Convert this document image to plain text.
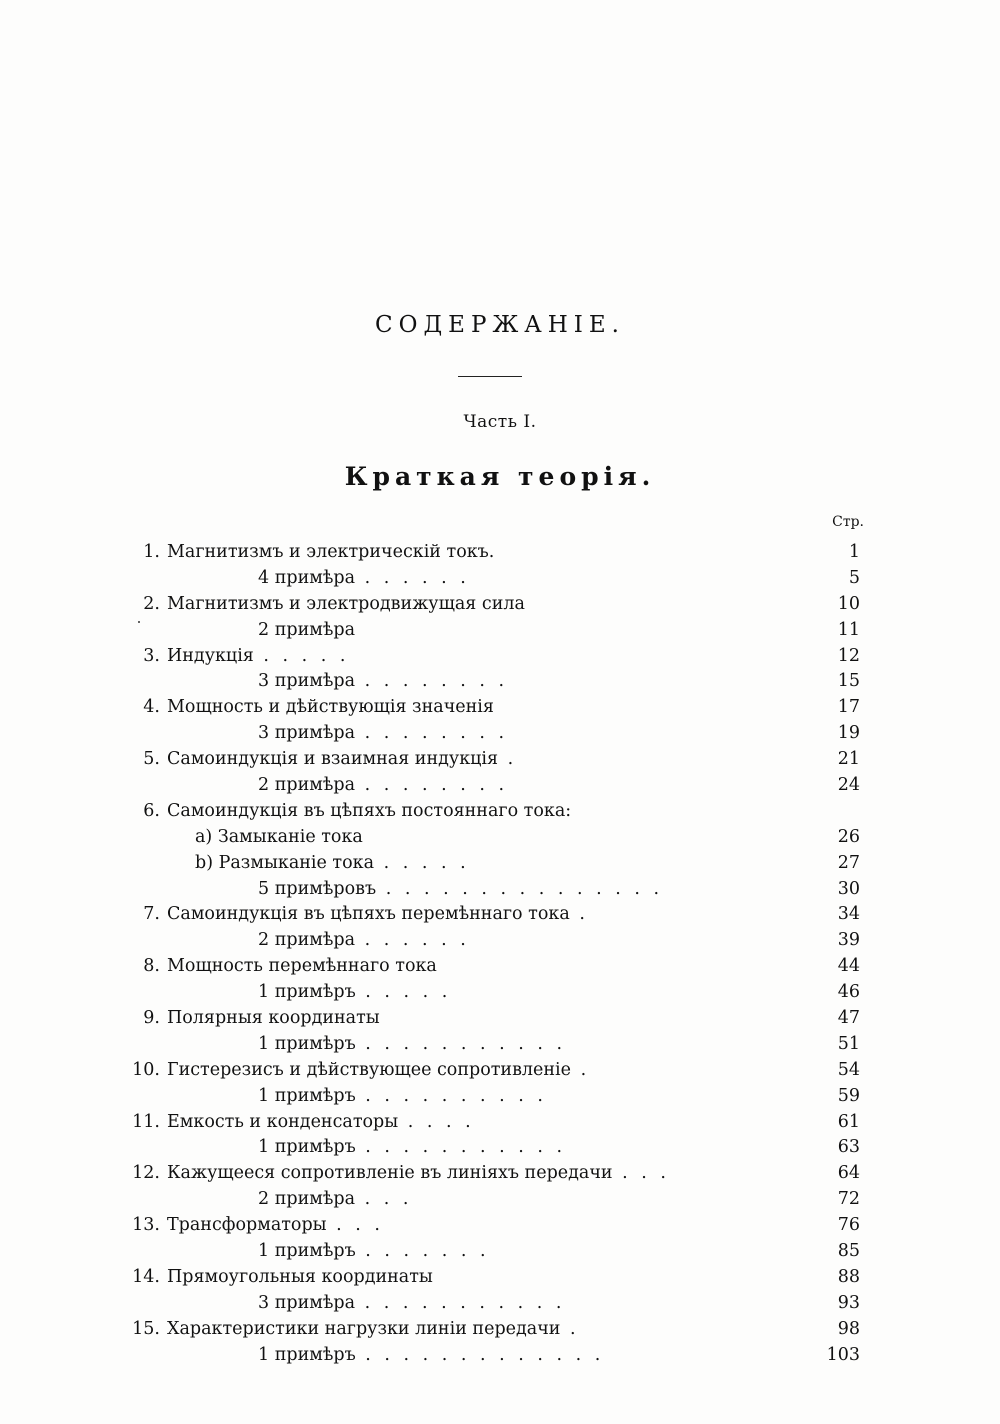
СОДЕРЖАНІЕ.
Часть I.
Краткая теорія.
Стр.
1. Магнитизмъ и электрическій токъ.	1
4 примѣра . . . . . .	5
2. Магнитизмъ и электродвижущая сила	10
2 примѣра	11
3. Индукція . . . . .	12
3 примѣра . . . . . . . .	15
4. Мощность и дѣйствующія значенія	17
3 примѣра . . . . . . . .	19
5. Самоиндукція и взаимная индукція .	21
2 примѣра . . . . . . . .	24
6. Самоиндукція въ цѣпяхъ постояннаго тока:
a) Замыканіе тока	26
b) Размыканіе тока . . . . .	27
5 примѣровъ . . . . . . . . . . . . . . .	30
7. Самоиндукція въ цѣпяхъ перемѣннаго тока .	34
2 примѣра . . . . . .	39
8. Мощность перемѣннаго тока	44
1 примѣръ . . . . .	46
9. Полярныя координаты	47
1 примѣръ . . . . . . . . . . .	51
10. Гистерезисъ и дѣйствующее сопротивленіе .	54
1 примѣръ . . . . . . . . . .	59
11. Емкость и конденсаторы . . . .	61
1 примѣръ . . . . . . . . . . .	63
12. Кажущееся сопротивленіе въ линіяхъ передачи . . .	64
2 примѣра . . .	72
13. Трансформаторы . . .	76
1 примѣръ . . . . . . .	85
14. Прямоугольныя координаты	88
3 примѣра . . . . . . . . . . .	93
15. Характеристики нагрузки линіи передачи .	98
1 примѣръ . . . . . . . . . . . . .	103
